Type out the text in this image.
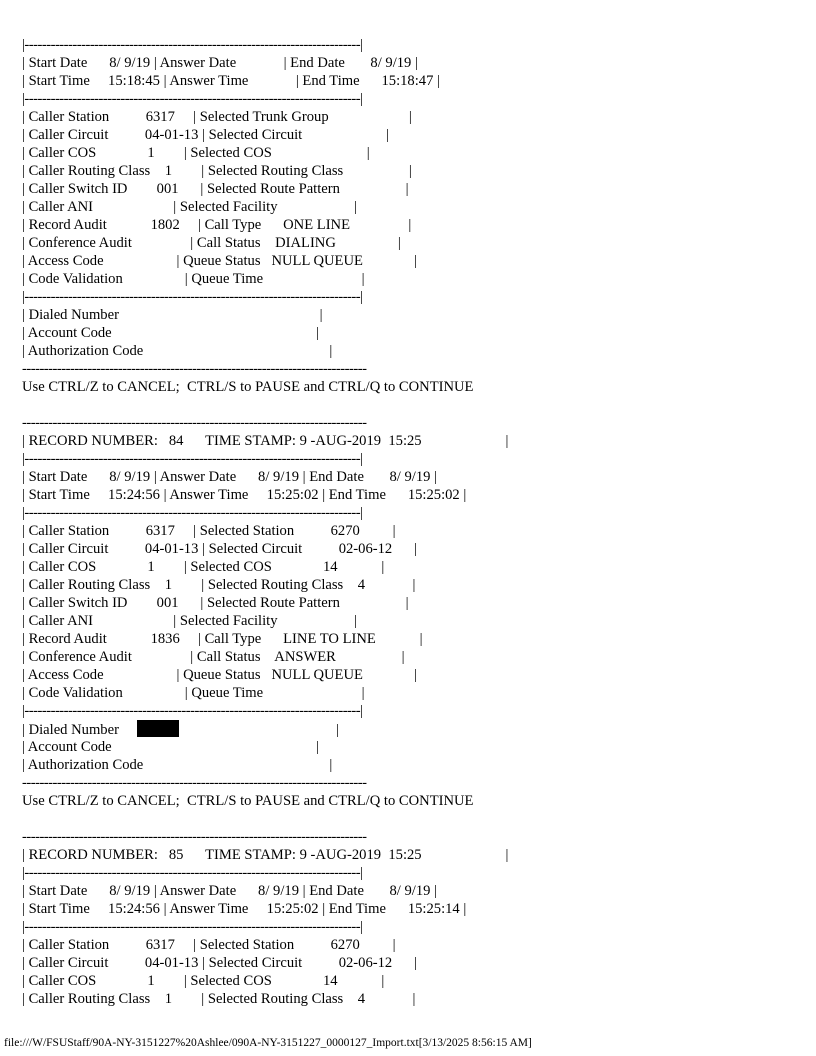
|-----------------------------------------------------------------------------|
| Start Date      8/ 9/19 | Answer Date             | End Date       8/ 9/19 |
| Start Time     15:18:45 | Answer Time             | End Time      15:18:47 |
|-----------------------------------------------------------------------------|
| Caller Station          6317     | Selected Trunk Group                      |
| Caller Circuit          04-01-13 | Selected Circuit                       |
| Caller COS              1        | Selected COS                          |
| Caller Routing Class    1        | Selected Routing Class                  |
| Caller Switch ID        001      | Selected Route Pattern                  |
| Caller ANI                      | Selected Facility                     |
| Record Audit            1802     | Call Type      ONE LINE                |
| Conference Audit                | Call Status    DIALING                 |
| Access Code                    | Queue Status   NULL QUEUE              |
| Code Validation                 | Queue Time                           |
|-----------------------------------------------------------------------------|
| Dialed Number                                                       |
| Account Code                                                        |
| Authorization Code                                                   |
-------------------------------------------------------------------------------
Use CTRL/Z to CANCEL;  CTRL/S to PAUSE and CTRL/Q to CONTINUE
-------------------------------------------------------------------------------
| RECORD NUMBER:   84      TIME STAMP: 9 -AUG-2019  15:25                       |
|-----------------------------------------------------------------------------|
| Start Date      8/ 9/19 | Answer Date      8/ 9/19 | End Date       8/ 9/19 |
| Start Time     15:24:56 | Answer Time     15:25:02 | End Time      15:25:02 |
|-----------------------------------------------------------------------------|
| Caller Station          6317     | Selected Station          6270         |
| Caller Circuit          04-01-13 | Selected Circuit          02-06-12      |
| Caller COS              1        | Selected COS              14            |
| Caller Routing Class    1        | Selected Routing Class    4             |
| Caller Switch ID        001      | Selected Route Pattern                  |
| Caller ANI                      | Selected Facility                     |
| Record Audit            1836     | Call Type      LINE TO LINE            |
| Conference Audit                | Call Status    ANSWER                  |
| Access Code                    | Queue Status   NULL QUEUE              |
| Code Validation                 | Queue Time                           |
|-----------------------------------------------------------------------------|
| Dialed Number	|
| Account Code                                                        |
| Authorization Code                                                   |
-------------------------------------------------------------------------------
Use CTRL/Z to CANCEL;  CTRL/S to PAUSE and CTRL/Q to CONTINUE
-------------------------------------------------------------------------------
| RECORD NUMBER:   85      TIME STAMP: 9 -AUG-2019  15:25                       |
|-----------------------------------------------------------------------------|
| Start Date      8/ 9/19 | Answer Date      8/ 9/19 | End Date       8/ 9/19 |
| Start Time     15:24:56 | Answer Time     15:25:02 | End Time      15:25:14 |
|-----------------------------------------------------------------------------|
| Caller Station          6317     | Selected Station          6270         |
| Caller Circuit          04-01-13 | Selected Circuit          02-06-12      |
| Caller COS              1        | Selected COS              14            |
| Caller Routing Class    1        | Selected Routing Class    4             |
file:///W/FSUStaff/90A-NY-3151227%20Ashlee/090A-NY-3151227_0000127_Import.txt[3/13/2025 8:56:15 AM]
